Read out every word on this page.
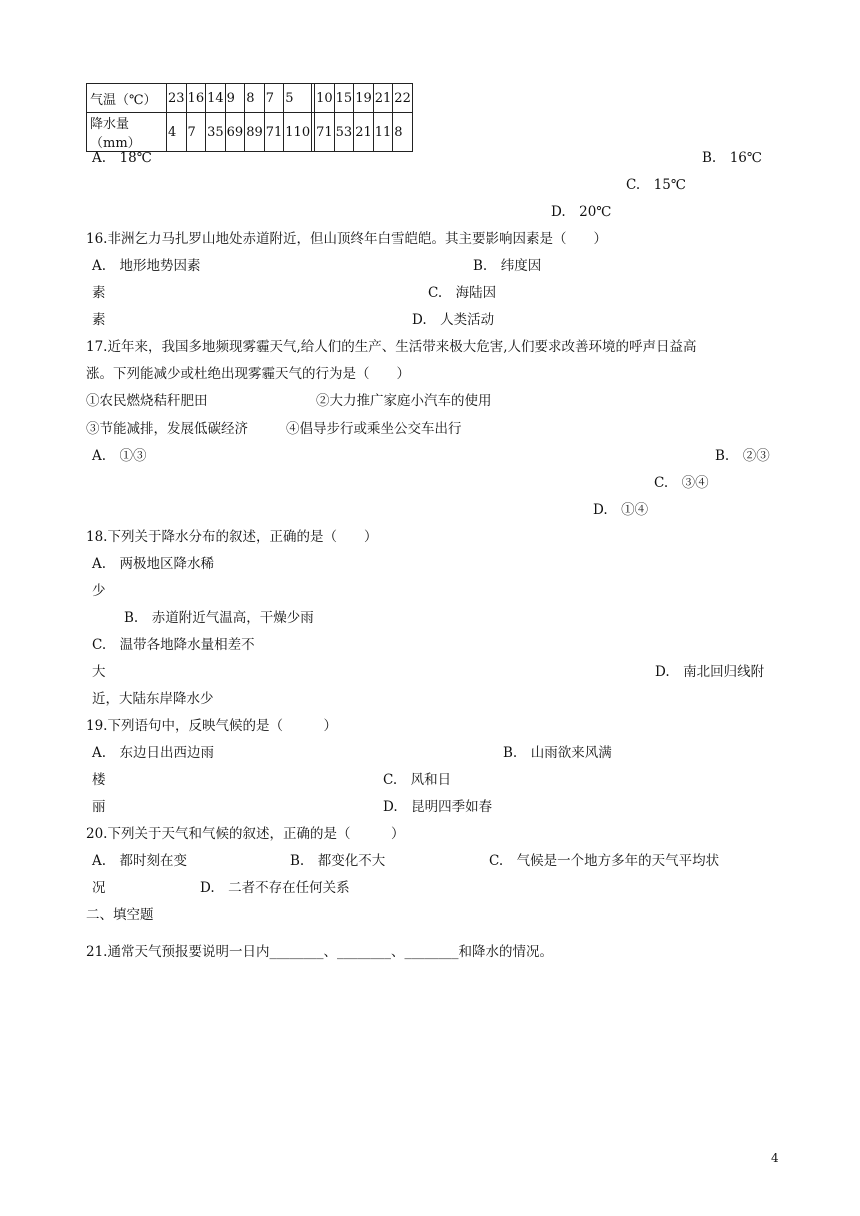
气温（℃）	23	16	14	9	8	7	5		10	15	19	21	22
降水量（mm）	4	7	35	69	89	71	110		71	53	21	11	8
A.　18℃	B.　16℃
C.　15℃
D.　20℃
16.非洲乞力马扎罗山地处赤道附近，但山顶终年白雪皑皑。其主要影响因素是（　　）
A.　地形地势因素	B.　纬度因
素	C.　海陆因
素	D.　人类活动
17.近年来，我国多地频现雾霾天气,给人们的生产、生活带来极大危害,人们要求改善环境的呼声日益高
涨。下列能减少或杜绝出现雾霾天气的行为是（　　）
①农民燃烧秸秆肥田	②大力推广家庭小汽车的使用
③节能减排，发展低碳经济	④倡导步行或乘坐公交车出行
A.　①③	B.　②③
C.　③④
D.　①④
18.下列关于降水分布的叙述，正确的是（　　）
A.　两极地区降水稀
少
B.　赤道附近气温高，干燥少雨
C.　温带各地降水量相差不
大	D.　南北回归线附
近，大陆东岸降水少
19.下列语句中，反映气候的是（　　　）
A.　东边日出西边雨	B.　山雨欲来风满
楼	C.　风和日
丽	D.　昆明四季如春
20.下列关于天气和气候的叙述，正确的是（　　　）
A.　都时刻在变	B.　都变化不大	C.　气候是一个地方多年的天气平均状
况	D.　二者不存在任何关系
二、填空题
21.通常天气预报要说明一日内________、________、________和降水的情况。
4
